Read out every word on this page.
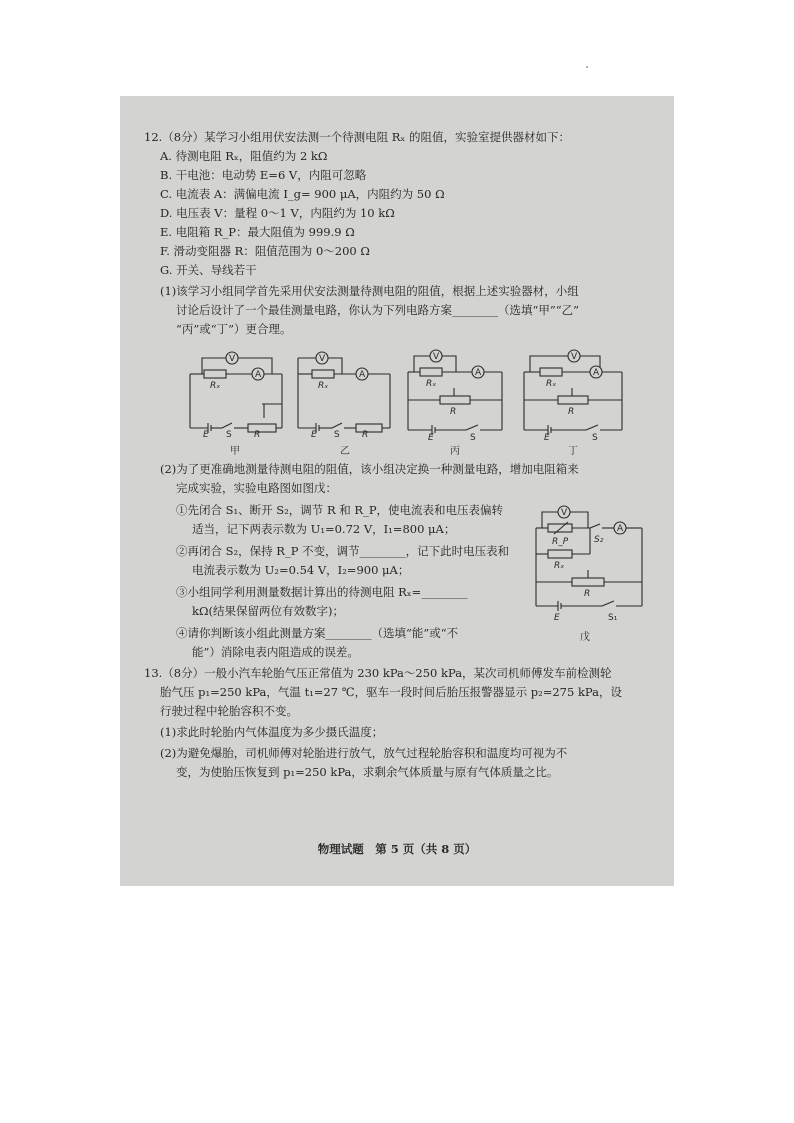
12.（8分）某学习小组用伏安法测一个待测电阻 Rₓ 的阻值，实验室提供器材如下：
A. 待测电阻 Rₓ，阻值约为 2 kΩ
B. 干电池：电动势 E=6 V，内阻可忽略
C. 电流表 A：满偏电流 I_g= 900 μA，内阻约为 50 Ω
D. 电压表 V：量程 0～1 V，内阻约为 10 kΩ
E. 电阻箱 R_P：最大阻值为 999.9 Ω
F. 滑动变阻器 R：阻值范围为 0～200 Ω
G. 开关、导线若干
(1)该学习小组同学首先采用伏安法测量待测电阻的阻值，根据上述实验器材，小组
讨论后设计了一个最佳测量电路，你认为下列电路方案________（选填“甲”“乙”
“丙”或“丁”）更合理。
V
A
Rₓ
E S R
甲
V
A
Rₓ
E S R
乙
V
A
Rₓ
R
E	S
丙
V
A
Rₓ
R
E	S
丁
(2)为了更准确地测量待测电阻的阻值，该小组决定换一种测量电路，增加电阻箱来
完成实验，实验电路图如图戊：
①先闭合 S₁、断开 S₂，调节 R 和 R_P，使电流表和电压表偏转
适当，记下两表示数为 U₁=0.72 V，I₁=800 μA；
②再闭合 S₂，保持 R_P 不变，调节________，记下此时电压表和
电流表示数为 U₂=0.54 V，I₂=900 μA；
③小组同学利用测量数据计算出的待测电阻 Rₓ=________
kΩ(结果保留两位有效数字)；
④请你判断该小组此测量方案________（选填“能”或“不
能”）消除电表内阻造成的误差。
V
A
R_P	S₂
Rₓ
R
E	S₁
戊
13.（8分）一般小汽车轮胎气压正常值为 230 kPa～250 kPa，某次司机师傅发车前检测轮
胎气压 p₁=250 kPa，气温 t₁=27 ℃，驱车一段时间后胎压报警器显示 p₂=275 kPa，设
行驶过程中轮胎容积不变。
(1)求此时轮胎内气体温度为多少摄氏温度；
(2)为避免爆胎，司机师傅对轮胎进行放气，放气过程轮胎容积和温度均可视为不
变，为使胎压恢复到 p₁=250 kPa，求剩余气体质量与原有气体质量之比。
物理试题　第 5 页（共 8 页）
